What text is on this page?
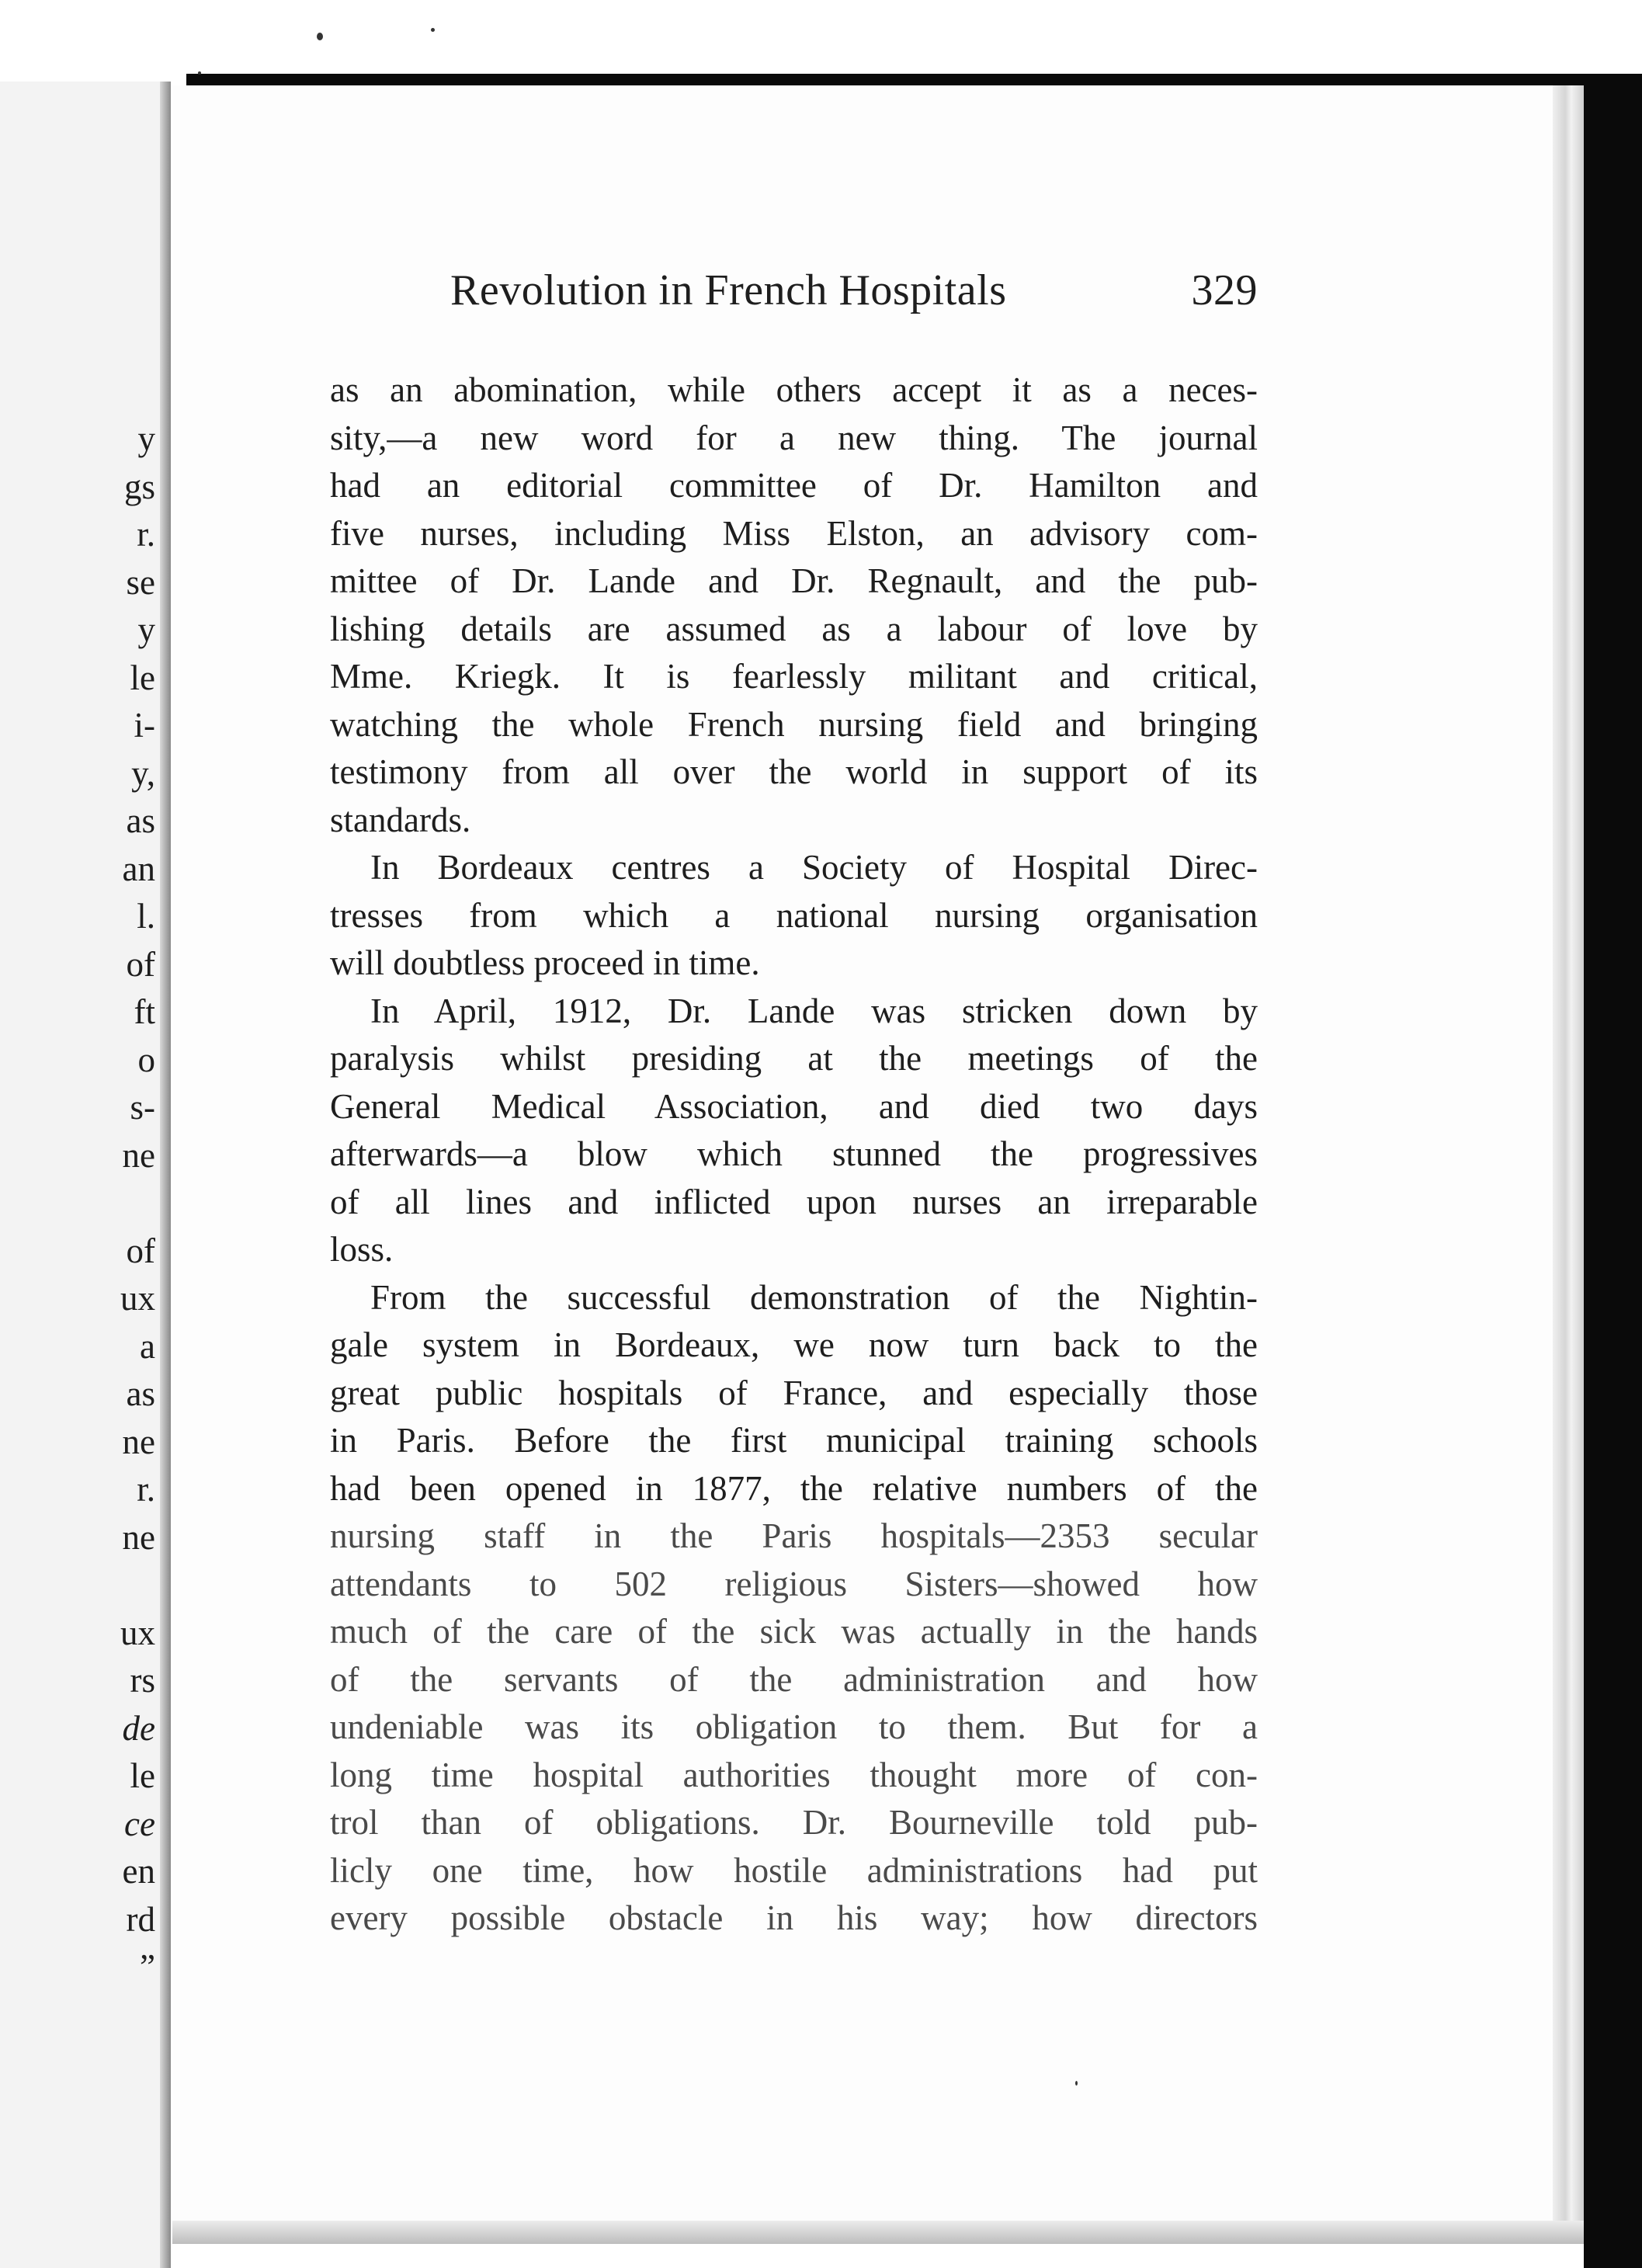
y
gs
r.
se
y
le
i-
y,
as
an
l.
of
ft
o
s-
ne
of
ux
a
as
ne
r.
ne
ux
rs
de
le
ce
en
rd
”
Revolution in French Hospitals	329
as an abomination, while others accept it as a neces-
sity,—a new word for a new thing. The journal
had an editorial committee of Dr. Hamilton and
five nurses, including Miss Elston, an advisory com-
mittee of Dr. Lande and Dr. Regnault, and the pub-
lishing details are assumed as a labour of love by
Mme. Kriegk. It is fearlessly militant and critical,
watching the whole French nursing field and bringing
testimony from all over the world in support of its
standards.
In Bordeaux centres a Society of Hospital Direc-
tresses from which a national nursing organisation
will doubtless proceed in time.
In April, 1912, Dr. Lande was stricken down by
paralysis whilst presiding at the meetings of the
General Medical Association, and died two days
afterwards—a blow which stunned the progressives
of all lines and inflicted upon nurses an irreparable
loss.
From the successful demonstration of the Nightin-
gale system in Bordeaux, we now turn back to the
great public hospitals of France, and especially those
in Paris. Before the first municipal training schools
had been opened in 1877, the relative numbers of the
nursing staff in the Paris hospitals—2353 secular
attendants to 502 religious Sisters—showed how
much of the care of the sick was actually in the hands
of the servants of the administration and how
undeniable was its obligation to them. But for a
long time hospital authorities thought more of con-
trol than of obligations. Dr. Bourneville told pub-
licly one time, how hostile administrations had put
every possible obstacle in his way; how directors
